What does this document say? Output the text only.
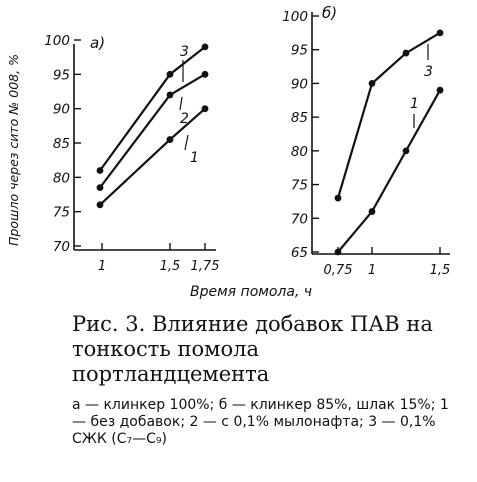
Прошло через сито № 008, %
а)
70
75
80
85
90
95
100
1	1,5 1,75
1
2
3
б)
65
70
75
80
85
90
95
100
0,75 1	1,5
1
3
Время помола, ч

Рис. 3. Влияние добавок ПАВ на тонкость помола портландцемента

а — клинкер 100%; б — клинкер 85%, шлак 15%; 1 — без добавок; 2 — с 0,1% мылонафта; 3 — 0,1% СЖК (С₇—С₉)
